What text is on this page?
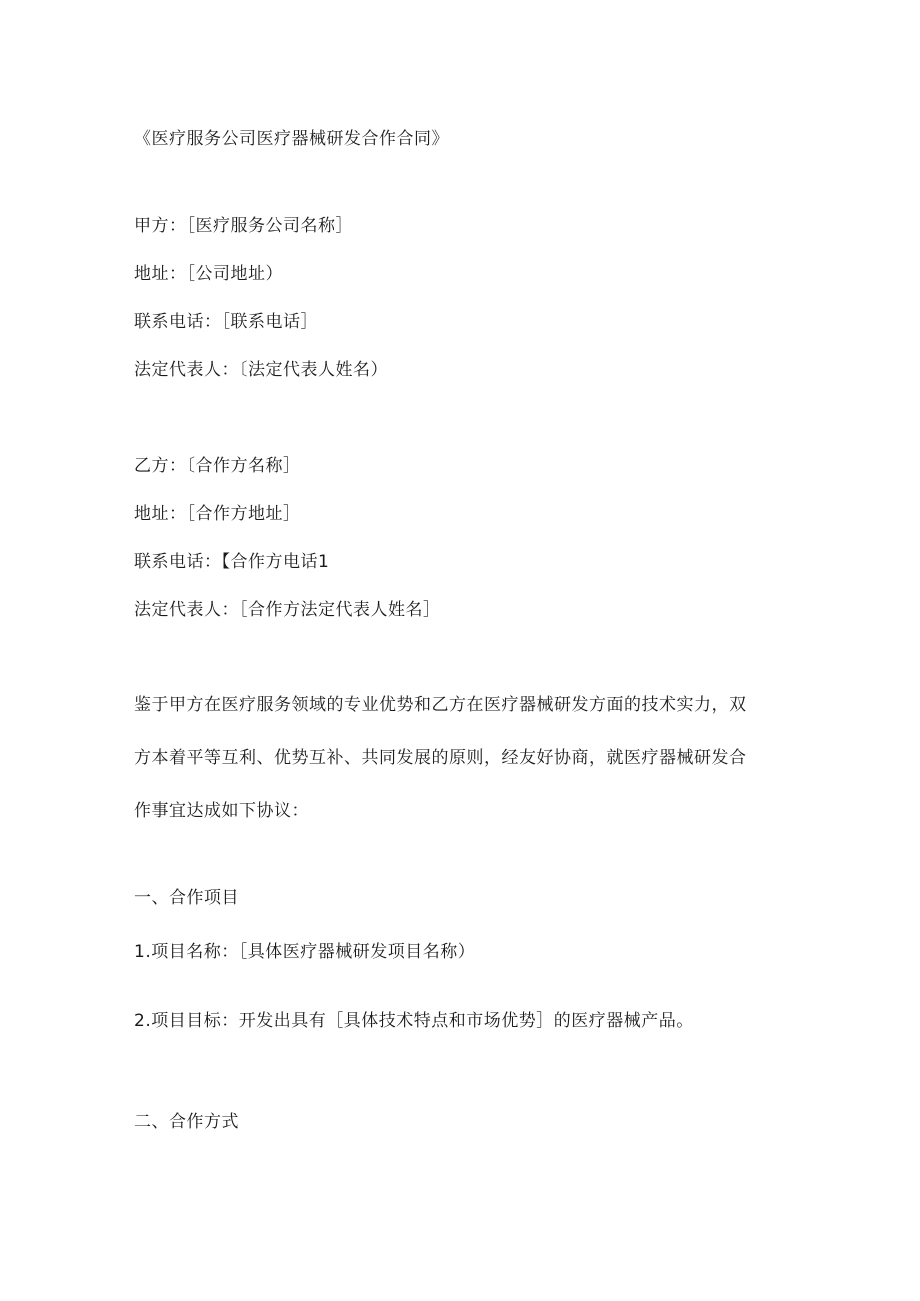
《医疗服务公司医疗器械研发合作合同》
甲方：［医疗服务公司名称］
地址：［公司地址）
联系电话：［联系电话］
法定代表人：〔法定代表人姓名）
乙方：〔合作方名称］
地址：［合作方地址］
联系电话：【合作方电话1
法定代表人：［合作方法定代表人姓名］
鉴于甲方在医疗服务领域的专业优势和乙方在医疗器械研发方面的技术实力，双
方本着平等互利、优势互补、共同发展的原则，经友好协商，就医疗器械研发合
作事宜达成如下协议：
一、合作项目
1.项目名称：［具体医疗器械研发项目名称）
2.项目目标：开发出具有［具体技术特点和市场优势］的医疗器械产品。
二、合作方式
